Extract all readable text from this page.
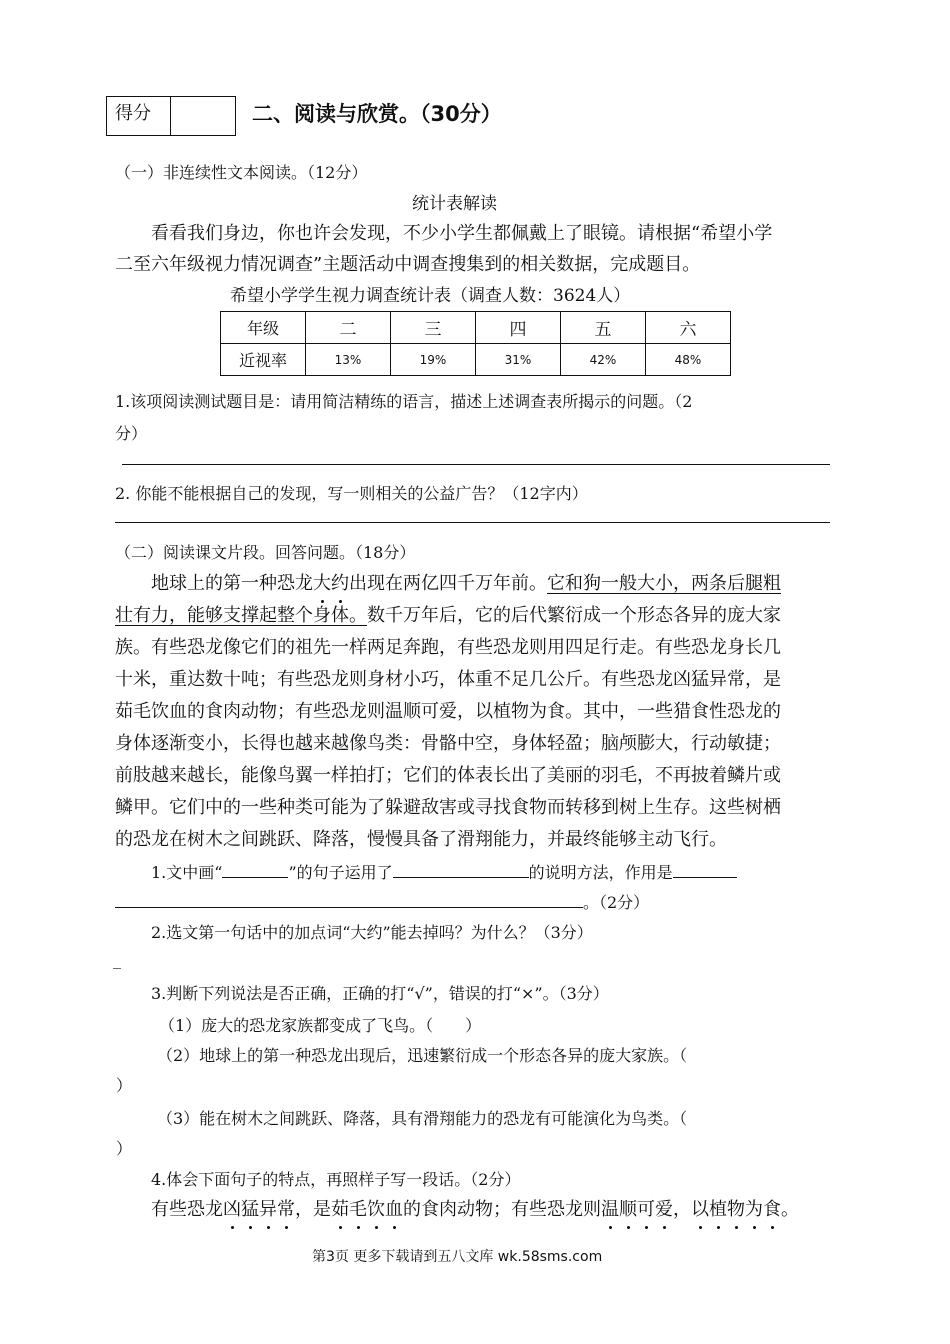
得分	二、阅读与欣赏。（30分）
（一）非连续性文本阅读。（12分）
统计表解读
看看我们身边，你也许会发现，不少小学生都佩戴上了眼镜。请根据“希望小学
二至六年级视力情况调查”主题活动中调查搜集到的相关数据，完成题目。
希望小学学生视力调查统计表（调查人数：3624人）
年级	二	三	四	五	六
近视率	13%	19%	31%	42%	48%
1.该项阅读测试题目是：请用简洁精练的语言，描述上述调查表所揭示的问题。（2
分）
2. 你能不能根据自己的发现，写一则相关的公益广告？（12字内）
（二）阅读课文片段。回答问题。（18分）
地球上的第一种恐龙大约出现在两亿四千万年前。它和狗一般大小，两条后腿粗
壮有力，能够支撑起整个身体。数千万年后，它的后代繁衍成一个形态各异的庞大家
族。有些恐龙像它们的祖先一样两足奔跑，有些恐龙则用四足行走。有些恐龙身长几
十米，重达数十吨；有些恐龙则身材小巧，体重不足几公斤。有些恐龙凶猛异常，是
茹毛饮血的食肉动物；有些恐龙则温顺可爱，以植物为食。其中，一些猎食性恐龙的
身体逐渐变小，长得也越来越像鸟类：骨骼中空，身体轻盈；脑颅膨大，行动敏捷；
前肢越来越长，能像鸟翼一样拍打；它们的体表长出了美丽的羽毛，不再披着鳞片或
鳞甲。它们中的一些种类可能为了躲避敌害或寻找食物而转移到树上生存。这些树栖
的恐龙在树木之间跳跃、降落，慢慢具备了滑翔能力，并最终能够主动飞行。
1.文中画“	”的句子运用了	的说明方法，作用是
。（2分）
2.选文第一句话中的加点词“大约”能去掉吗？为什么？（3分）
_
3.判断下列说法是否正确，正确的打“√”，错误的打“×”。（3分）
（1）庞大的恐龙家族都变成了飞鸟。（　　）
（2）地球上的第一种恐龙出现后，迅速繁衍成一个形态各异的庞大家族。（
）
（3）能在树木之间跳跃、降落，具有滑翔能力的恐龙有可能演化为鸟类。（
）
4.体会下面句子的特点，再照样子写一段话。（2分）
有些恐龙凶猛异常，是茹毛饮血的食肉动物；有些恐龙则温顺可爱，以植物为食。
第3页 更多下载请到五八文库 wk.58sms.com
